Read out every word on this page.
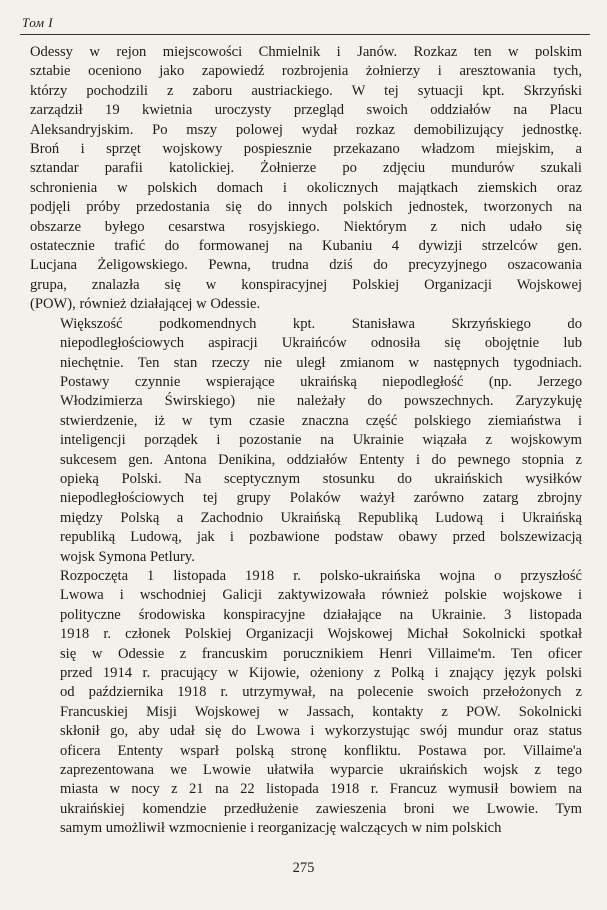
Том I
Odessy w rejon miejscowości Chmielnik i Janów. Rozkaz ten w polskim
sztabie oceniono jako zapowiedź rozbrojenia żołnierzy i aresztowania tych,
którzy pochodzili z zaboru austriackiego. W tej sytuacji kpt. Skrzyński
zarządził 19 kwietnia uroczysty przegląd swoich oddziałów na Placu
Aleksandryjskim. Po mszy polowej wydał rozkaz demobilizujący jednostkę.
Broń i sprzęt wojskowy pospiesznie przekazano władzom miejskim, a
sztandar parafii katolickiej. Żołnierze po zdjęciu mundurów szukali
schronienia w polskich domach i okolicznych majątkach ziemskich oraz
podjęli próby przedostania się do innych polskich jednostek, tworzonych na
obszarze byłego cesarstwa rosyjskiego. Niektórym z nich udało się
ostatecznie trafić do formowanej na Kubaniu 4 dywizji strzelców gen.
Lucjana Żeligowskiego. Pewna, trudna dziś do precyzyjnego oszacowania
grupa, znalazła się w konspiracyjnej Polskiej Organizacji Wojskowej
(POW), również działającej w Odessie.
Większość podkomendnych kpt. Stanisława Skrzyńskiego do
niepodległościowych aspiracji Ukraińców odnosiła się obojętnie lub
niechętnie. Ten stan rzeczy nie uległ zmianom w następnych tygodniach.
Postawy czynnie wspierające ukraińską niepodległość (np. Jerzego
Włodzimierza Świrskiego) nie należały do powszechnych. Zaryzykuję
stwierdzenie, iż w tym czasie znaczna część polskiego ziemiaństwa i
inteligencji porządek i pozostanie na Ukrainie wiązała z wojskowym
sukcesem gen. Antona Denikina, oddziałów Ententy i do pewnego stopnia z
opieką Polski. Na sceptycznym stosunku do ukraińskich wysiłków
niepodległościowych tej grupy Polaków ważył zarówno zatarg zbrojny
między Polską a Zachodnio Ukraińską Republiką Ludową i Ukraińską
republiką Ludową, jak i pozbawione podstaw obawy przed bolszewizacją
wojsk Symona Petlury.
Rozpoczęta 1 listopada 1918 r. polsko-ukraińska wojna o przyszłość
Lwowa i wschodniej Galicji zaktywizowała również polskie wojskowe i
polityczne środowiska konspiracyjne działające na Ukrainie. 3 listopada
1918 r. członek Polskiej Organizacji Wojskowej Michał Sokolnicki spotkał
się w Odessie z francuskim porucznikiem Henri Villaime'm. Ten oficer
przed 1914 r. pracujący w Kijowie, ożeniony z Polką i znający język polski
od października 1918 r. utrzymywał, na polecenie swoich przełożonych z
Francuskiej Misji Wojskowej w Jassach, kontakty z POW. Sokolnicki
skłonił go, aby udał się do Lwowa i wykorzystując swój mundur oraz status
oficera Ententy wsparł polską stronę konfliktu. Postawa por. Villaime'a
zaprezentowana we Lwowie ułatwiła wyparcie ukraińskich wojsk z tego
miasta w nocy z 21 na 22 listopada 1918 r. Francuz wymusił bowiem na
ukraińskiej komendzie przedłużenie zawieszenia broni we Lwowie. Tym
samym umożliwił wzmocnienie i reorganizację walczących w nim polskich
275
